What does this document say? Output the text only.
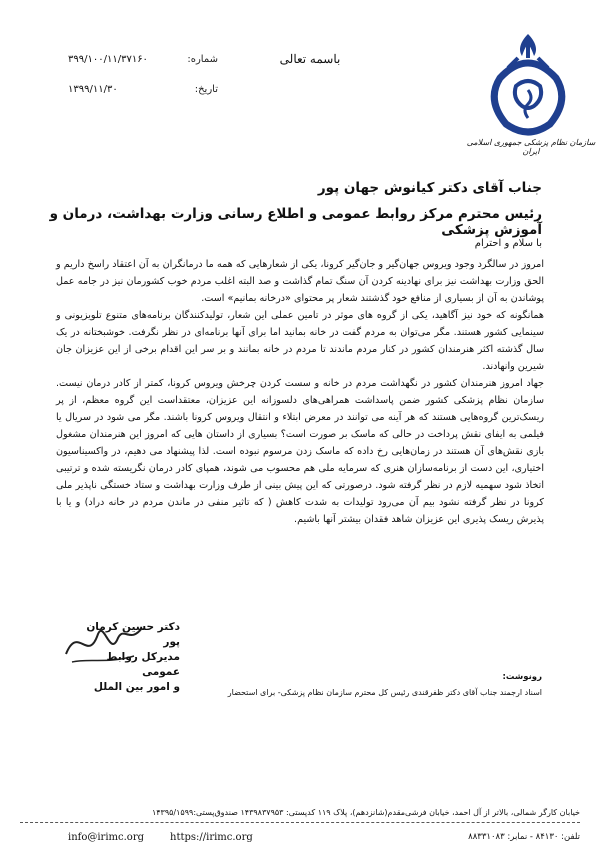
سازمان نظام پزشکی جمهوری اسلامی ایران
باسمه تعالی
شماره:
۳۹۹/۱۰۰/۱۱/۳۷۱۶۰
تاریخ:
۱۳۹۹/۱۱/۳۰
جناب آقای دکتر کیانوش جهان پور
رئیس محترم مرکز روابط عمومی و اطلاع رسانی وزارت بهداشت، درمان و آموزش پزشکی
با سلام و احترام

امروز در سالگرد وجود ویروس جهان‌گیر و جان‌گیر کرونا، یکی از شعارهایی که همه ما درمانگران به آن اعتقاد راسخ داریم و الحق وزارت بهداشت نیز برای نهادینه کردن آن سنگ تمام گذاشت و صد البته اغلب مردم خوب کشورمان نیز در جامه عمل پوشاندن به آن از بسیاری از منافع خود گذشتند شعار پر محتوای «درخانه بمانیم» است.

همانگونه که خود نیز آگاهید، یکی از گروه های موثر در تامین عملی این شعار، تولیدکنندگان برنامه‌های متنوع تلویزیونی و سینمایی کشور هستند. مگر می‌توان به مردم گفت در خانه بمانید اما برای آنها برنامه‌ای در نظر نگرفت. خوشبختانه در یک سال گذشته اکثر هنرمندان کشور در کنار مردم ماندند تا مردم در خانه بمانند و بر سر این اقدام برخی از این عزیزان جان شیرین وانهادند.

جهاد امروز هنرمندان کشور در نگهداشت مردم در خانه و سست کردن چرخش ویروس کرونا، کمتر از کادر درمان نیست. سازمان نظام پزشکی کشور ضمن پاسداشت همراهی‌های دلسوزانه این عزیزان، معتقداست این گروه معظم، از پر ریسک‌ترین گروه‌هایی هستند که هر آینه می توانند در معرض ابتلاء و انتقال ویروس کرونا باشند. مگر می شود در سریال یا فیلمی به ایفای نقش پرداخت در حالی که ماسک بر صورت است؟ بسیاری از داستان هایی که امروز این هنرمندان مشغول بازی نقش‌های آن هستند در زمان‌هایی رخ داده که ماسک زدن مرسوم نبوده است. لذا پیشنهاد می دهیم، در واکسیناسیون اختیاری، این دست از برنامه‌سازان هنری که سرمایه ملی هم محسوب می شوند، همپای کادر درمان نگریسته شده و ترتیبی اتخاذ شود سهمیه لازم در نظر گرفته شود. درصورتی که این پیش بینی از طرف وزارت بهداشت و ستاد خستگی ناپذیر ملی کرونا در نظر گرفته نشود بیم آن می‌رود تولیدات به شدت کاهش ( که تاثیر منفی در ماندن مردم در خانه دراد) و یا با پذیرش ریسک پذیری این عزیزان شاهد فقدان بیشتر آنها باشیم.

دکتر حسین کرمان پور
مدیرکل روابط عمومی
و امور بین الملل
رونوشت:
اسناد ارجمند جناب آقای دکتر ظفرقندی رئیس کل محترم سازمان نظام پزشکی- برای استحضار
خیابان کارگر شمالی، بالاتر از آل احمد، خیابان فرشی‌مقدم(شانزدهم)، پلاک ۱۱۹ کدپستی: ۱۴۳۹۸۳۷۹۵۳ صندوق‌پستی:۱۴۳۹۵/۱۵۹۹
تلفن: ۸۴۱۳۰ - نمابر: ۸۸۳۳۱۰۸۳
https://irimc.org
info@irimc.org
